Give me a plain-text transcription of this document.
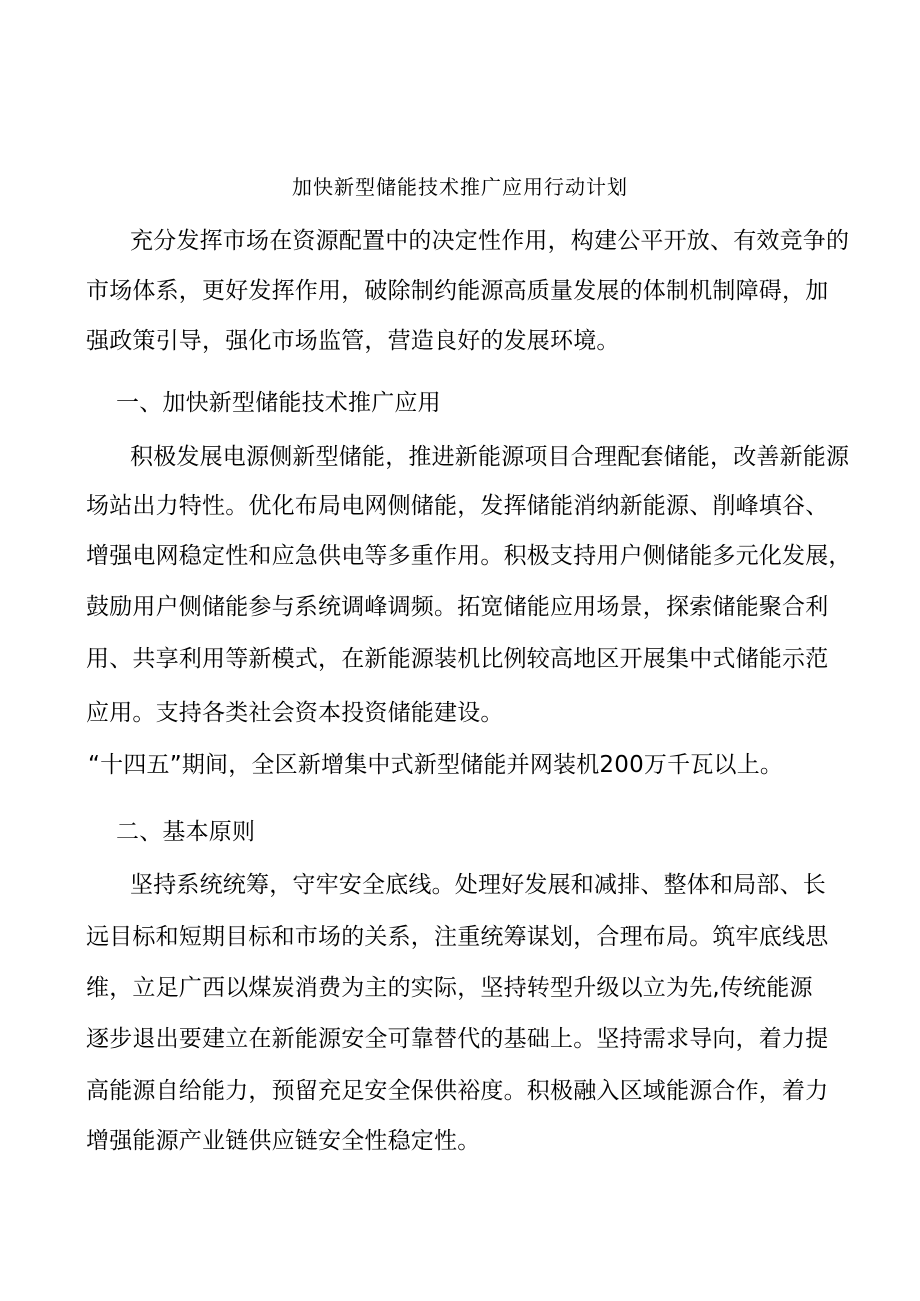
加快新型储能技术推广应用行动计划
充分发挥市场在资源配置中的决定性作用，构建公平开放、有效竞争的
市场体系，更好发挥作用，破除制约能源高质量发展的体制机制障碍，加
强政策引导，强化市场监管，营造良好的发展环境。
一、加快新型储能技术推广应用
积极发展电源侧新型储能，推进新能源项目合理配套储能，改善新能源
场站出力特性。优化布局电网侧储能，发挥储能消纳新能源、削峰填谷、
增强电网稳定性和应急供电等多重作用。积极支持用户侧储能多元化发展，
鼓励用户侧储能参与系统调峰调频。拓宽储能应用场景，探索储能聚合利
用、共享利用等新模式，在新能源装机比例较高地区开展集中式储能示范
应用。支持各类社会资本投资储能建设。
“十四五”期间，全区新增集中式新型储能并网装机200万千瓦以上。
二、基本原则
坚持系统统筹，守牢安全底线。处理好发展和减排、整体和局部、长
远目标和短期目标和市场的关系，注重统筹谋划，合理布局。筑牢底线思
维，立足广西以煤炭消费为主的实际，坚持转型升级以立为先,传统能源
逐步退出要建立在新能源安全可靠替代的基础上。坚持需求导向，着力提
高能源自给能力，预留充足安全保供裕度。积极融入区域能源合作，着力
增强能源产业链供应链安全性稳定性。
